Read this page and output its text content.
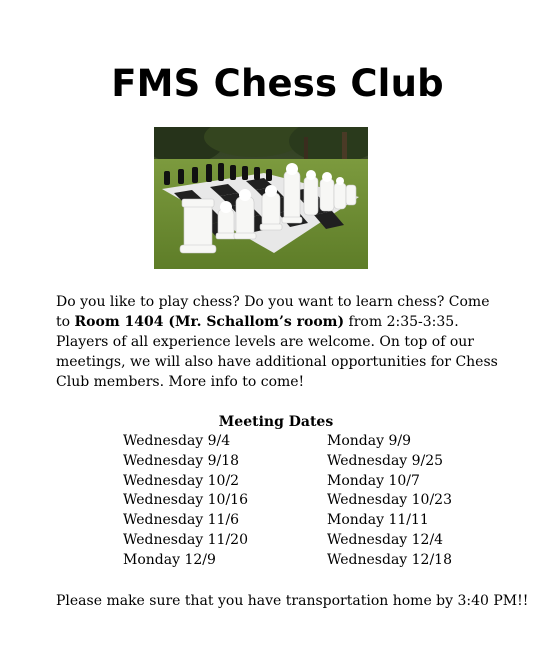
FMS Chess Club
Do you like to play chess? Do you want to learn chess? Come to Room 1404 (Mr. Schallom’s room) from 2:35-3:35. Players of all experience levels are welcome. On top of our meetings, we will also have additional opportunities for Chess Club members. More info to come!
Meeting Dates
Wednesday 9/4
Wednesday 9/18
Wednesday 10/2
Wednesday 10/16
Wednesday 11/6
Wednesday 11/20
Monday 12/9
Monday 9/9
Wednesday 9/25
Monday 10/7
Wednesday 10/23
Monday 11/11
Wednesday 12/4
Wednesday 12/18
Please make sure that you have transportation home by 3:40 PM!!
